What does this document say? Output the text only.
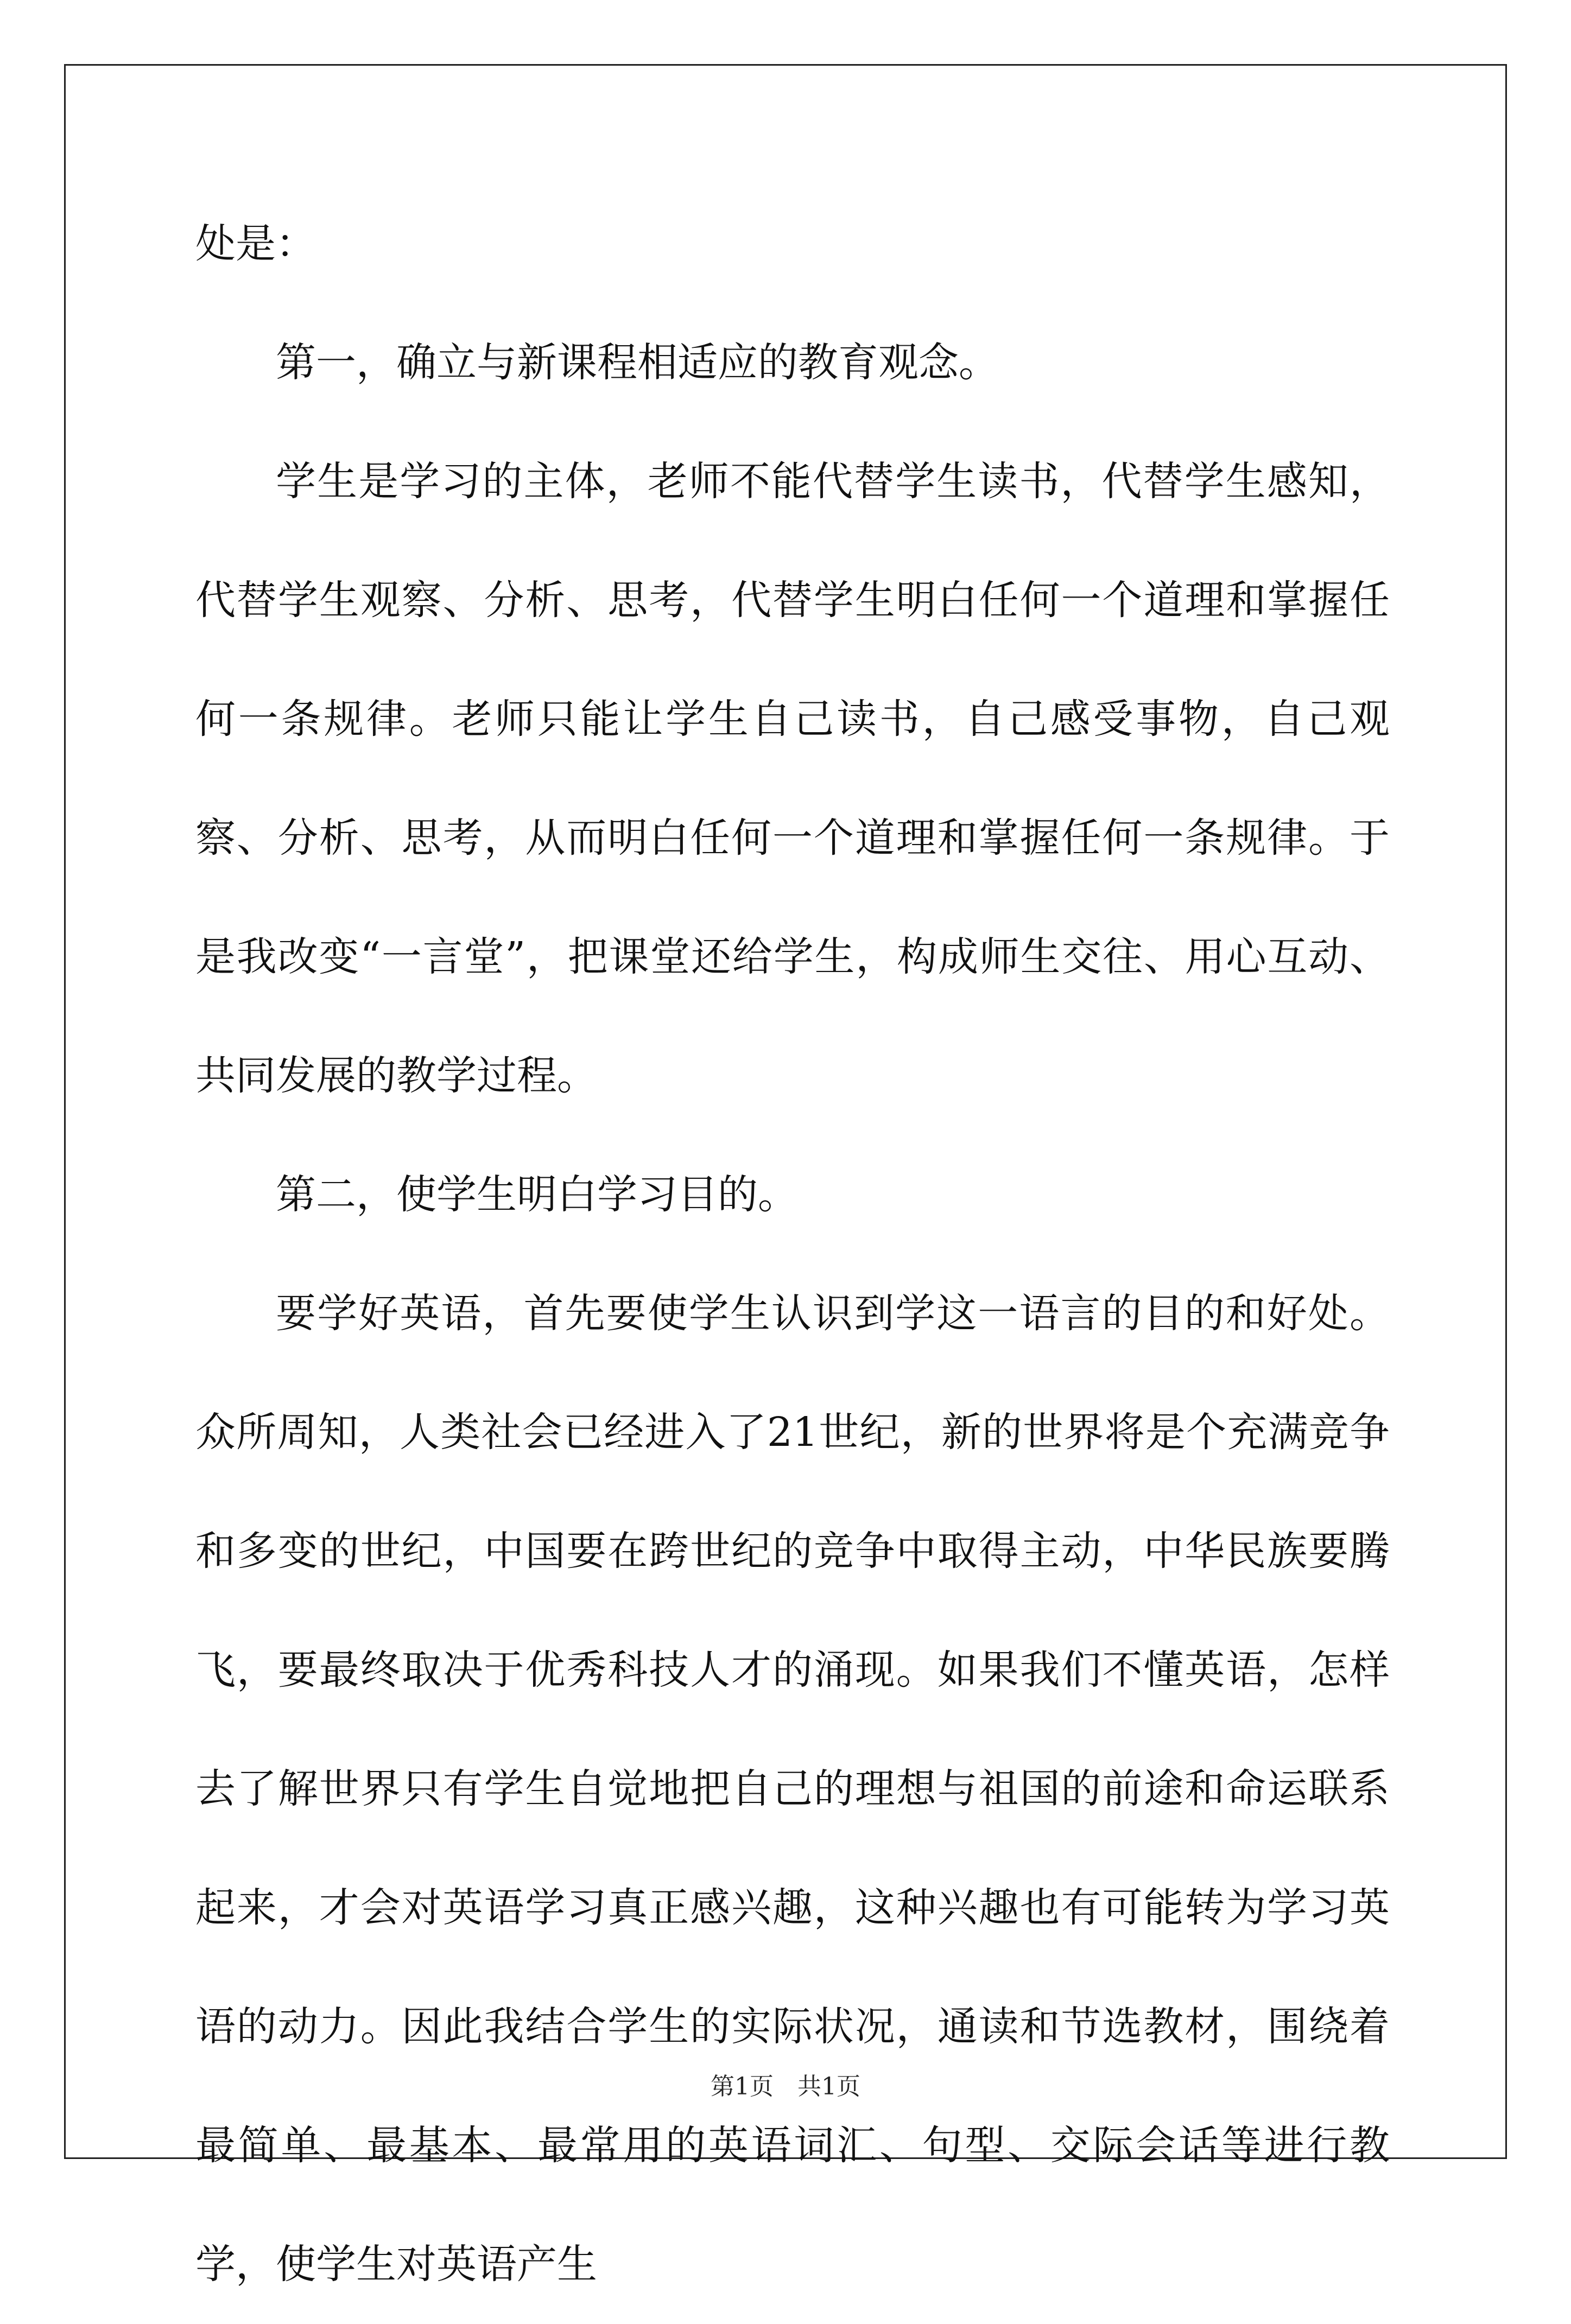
处是：

第一，确立与新课程相适应的教育观念。

学生是学习的主体，老师不能代替学生读书，代替学生感知，代替学生观察、分析、思考，代替学生明白任何一个道理和掌握任何一条规律。老师只能让学生自己读书，自己感受事物，自己观察、分析、思考，从而明白任何一个道理和掌握任何一条规律。于是我改变“一言堂”，把课堂还给学生，构成师生交往、用心互动、共同发展的教学过程。

第二，使学生明白学习目的。

要学好英语，首先要使学生认识到学这一语言的目的和好处。众所周知，人类社会已经进入了21世纪，新的世界将是个充满竞争和多变的世纪，中国要在跨世纪的竞争中取得主动，中华民族要腾飞，要最终取决于优秀科技人才的涌现。如果我们不懂英语，怎样去了解世界只有学生自觉地把自己的理想与祖国的前途和命运联系起来，才会对英语学习真正感兴趣，这种兴趣也有可能转为学习英语的动力。因此我结合学生的实际状况，通读和节选教材，围绕着最简单、最基本、最常用的英语词汇、句型、交际会话等进行教学，使学生对英语产生

第1页　共1页
